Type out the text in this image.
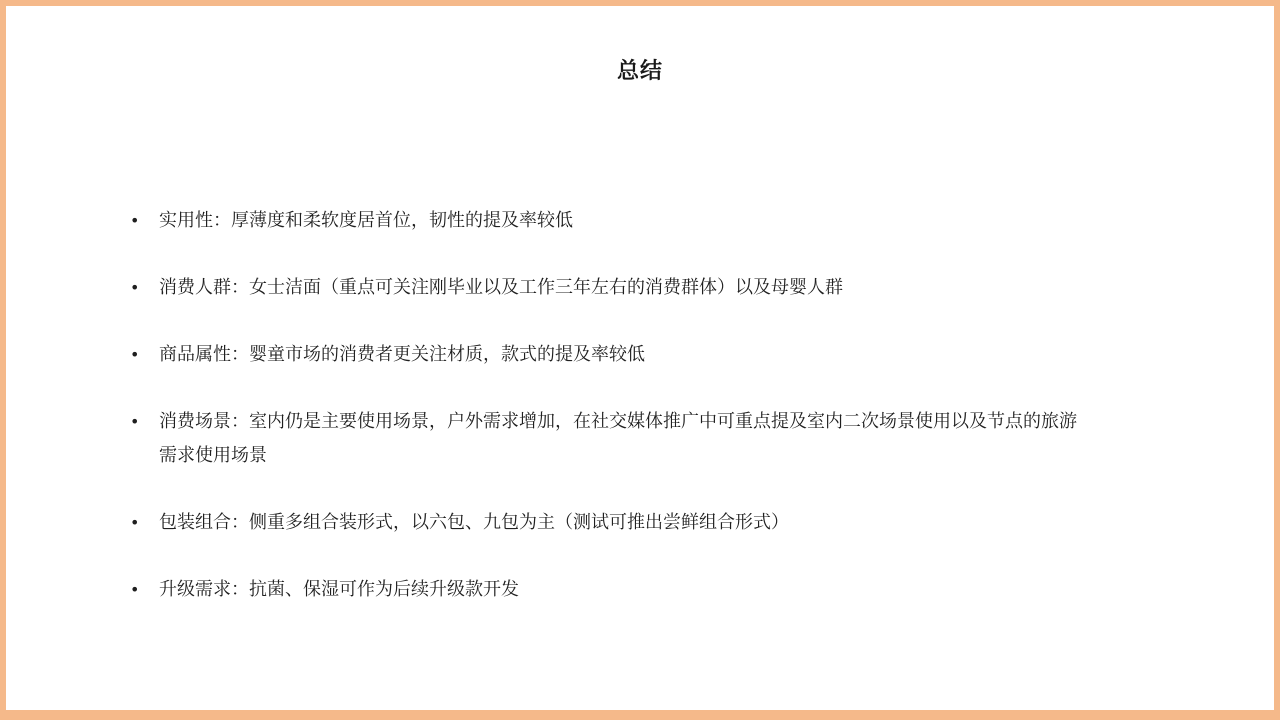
总结
• 实用性：厚薄度和柔软度居首位，韧性的提及率较低
• 消费人群：女士洁面（重点可关注刚毕业以及工作三年左右的消费群体）以及母婴人群
• 商品属性：婴童市场的消费者更关注材质，款式的提及率较低
• 消费场景：室内仍是主要使用场景，户外需求增加，在社交媒体推广中可重点提及室内二次场景使用以及节点的旅游需求使用场景
• 包装组合：侧重多组合装形式，以六包、九包为主（测试可推出尝鲜组合形式）
• 升级需求：抗菌、保湿可作为后续升级款开发
